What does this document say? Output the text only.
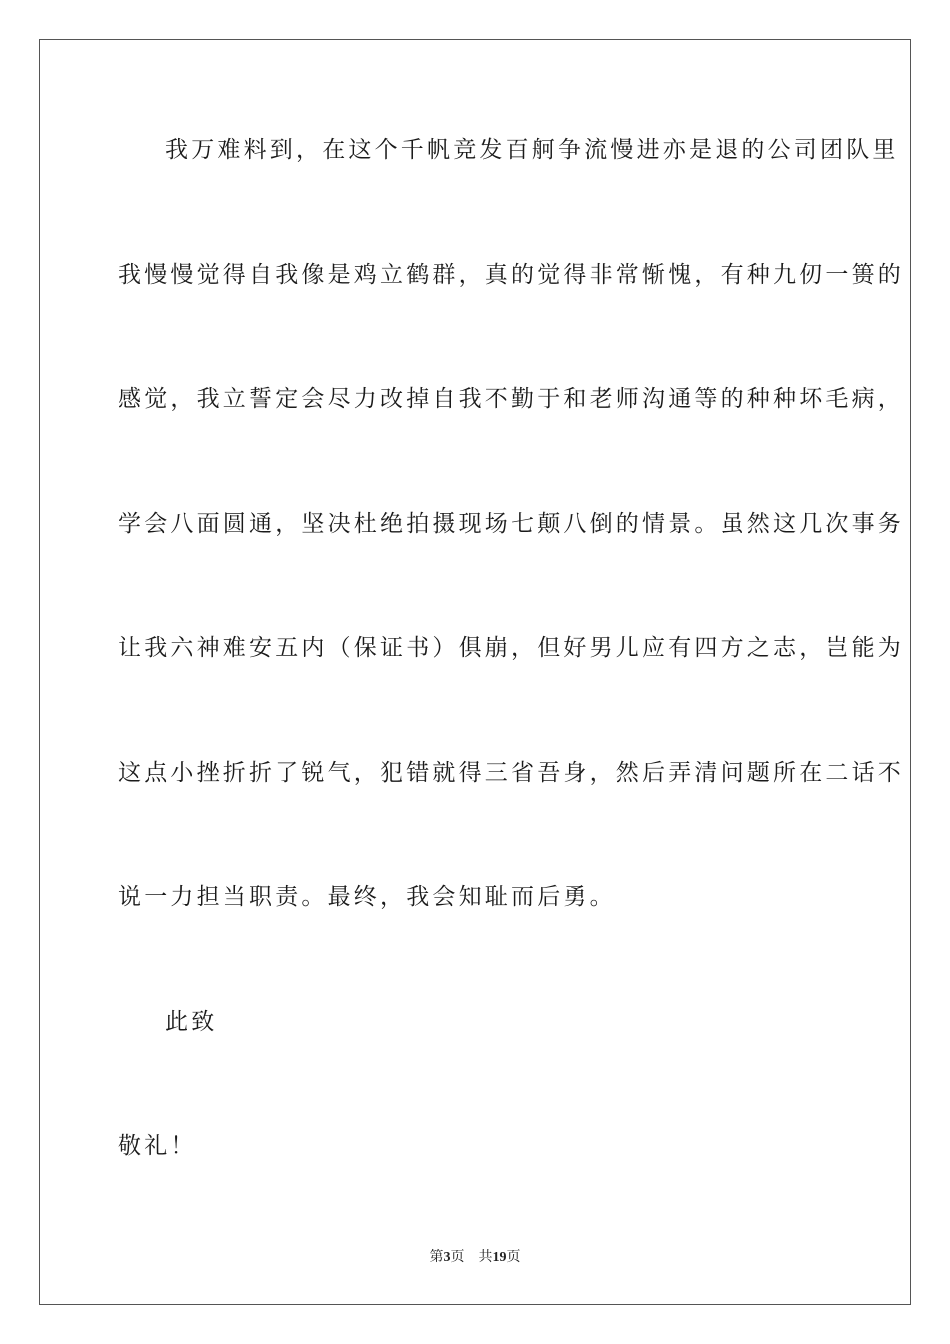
我万难料到，在这个千帆竞发百舸争流慢进亦是退的公司团队里
我慢慢觉得自我像是鸡立鹤群，真的觉得非常惭愧，有种九仞一篑的
感觉，我立誓定会尽力改掉自我不勤于和老师沟通等的种种坏毛病，
学会八面圆通，坚决杜绝拍摄现场七颠八倒的情景。虽然这几次事务
让我六神难安五内（保证书）俱崩，但好男儿应有四方之志，岂能为
这点小挫折折了锐气，犯错就得三省吾身，然后弄清问题所在二话不
说一力担当职责。最终，我会知耻而后勇。
此致
敬礼！
第3页 共19页
